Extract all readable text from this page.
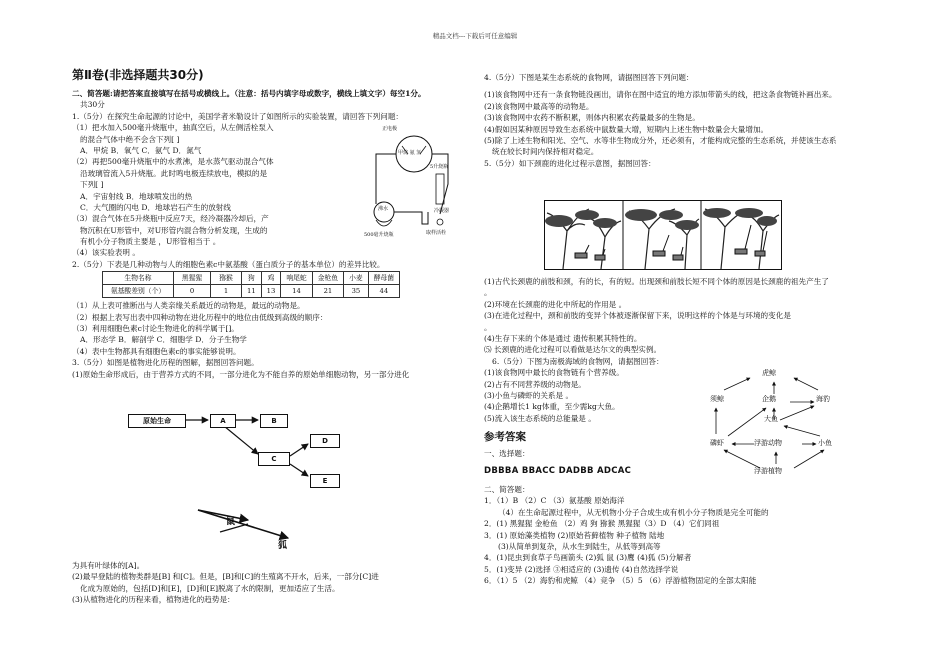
精品文档---下载后可任意编辑
第Ⅱ卷(非选择题共30分)
二、简答题:请把答案直接填写在括号或横线上。（注意：括号内填字母或数字，横线上填文字）每空1分。
共30分
1.（5分）在探究生命起源的讨论中，美国学者米勒设计了如图所示的实验装置，请回答下列问题：
（1）把水加入500毫升烧瓶中，抽真空后，从左侧活栓泵入
的混合气体中绝不会含下列[ ]
A．甲烷 B．氧气 C．氨气 D．氮气
（2）再把500毫升烧瓶中的水煮沸，是水蒸气驱动混合气体
沿玻璃管流入5升烧瓶。此时鸣电极连续放电，模拟的是
下列[ ]
A．宇宙射线 B．地球喷发出的热
C．大气圈的闪电 D．地球岩石产生的放射线
（3）混合气体在5升烧瓶中反应7天，经冷凝器冷却后，产
物沉积在U形管中，对U形管内混合物分析发现，生成的
有机小分子物质主要是 ，U形管相当于 。
（4）该实验表明 。
2.（5分）下表是几种动物与人的细胞色素c中氨基酸（蛋白质分子的基本单位）的差异比较。
生物名称	黑猩猩	猕猴	狗	鸡	响尾蛇	金枪鱼	小麦	酵母菌
氨基酸差别（个）	0	1	11	13	14	21	35	44
（1）从上表可推断出与人类亲缘关系最近的动物是，最远的动物是。
（2）根据上表写出表中四种动物在进化历程中的地位由低级到高级的顺序：
（3）利用细胞色素c讨论生物进化的科学属于[]。
A．形态学 B．解剖学 C．细胞学 D．分子生物学
（4）表中生物都具有细胞色素c的事实能够说明。
3.（5分）如图是植物进化历程的图解，据图回答问题。
(1)原始生命形成后，由于营养方式的不同，一部分进化为不能自养的原始单细胞动物，另一部分进化
正电极
甲烷 氨 氢
5升烧瓶
沸水
500毫升烧瓶
冷凝器
取样活栓
原始生命	A	B
C
D
E
鼠
狐
为具有叶绿体的[A]。
(2)最早登陆的植物类群是[B] 和[C]。但是，[B]和[C]的生殖离不开水，后来，一部分[C]进
化成为原始的，包括[D]和[E]，[D]和[E]脱离了水的限制，更加适应了生活。
(3)从植物进化的历程来看，植物进化的趋势是：
4.（5分）下图是某生态系统的食物网，请据图回答下列问题：
(1)该食物网中还有一条食物链没画出，请你在图中适宜的地方添加带箭头的线，把这条食物链补画出来。
(2)该食物网中最高等的动物是。
(3)该食物网中农药不断积累，则体内积累农药量最多的生物是。
(4)假如因某种原因导致生态系统中鼠数量大增，短期内上述生物中数量会大量增加。
(5)除了上述生物和阳光、空气、水等非生物成分外，还必须有，才能构成完整的生态系统，并使该生态系
统在较长时间内保持相对稳定。
5.（5分）如下颈鹿的进化过程示意图，据图回答：
(1)古代长颈鹿的前肢和颈，有的长，有的短。出现颈和前肢长短不同个体的原因是长颈鹿的祖先产生了
。
(2)环境在长颈鹿的进化中所起的作用是 。
(3)在进化过程中，颈和前肢的变异个体被逐渐保留下来，说明这样的个体是与环境的变化是
。
(4)生存下来的个体是通过 遗传积累其特性的。
⑸ 长颈鹿的进化过程可以看做是达尔文的典型实例。
6.（5分）下图为南极海域的食物网，请据图回答：
(1)该食物网中最长的食物链有个营养级。
(2)占有不同营养级的动物是。
(3)小鱼与磷虾的关系是 。
(4)企鹅增长1 kg体重，至少需kg大鱼。
(5)流入该生态系统的总能量是 。
参考答案
一、选择题：
DBBBA BBACC DADBB ADCAC
二、简答题：
1．（1）B （2）C （3）氨基酸 原始海洋
（4）在生命起源过程中，从无机物小分子合成生成有机小分子物质是完全可能的
2．(1) 黑猩猩 金枪鱼 （2）鸡 狗 猕猴 黑猩猩（3）D （4）它们同祖
3．(1) 原始藻类植物 (2)原始苔藓植物 种子植物 陆地
(3)从简单到复杂，从水生到陆生，从低等到高等
4．(1)昆虫到食草子鸟画箭头 (2)狐 鼠 (3)鹰 (4)狐 (5)分解者
5．(1)变异 (2)选择 ③相适应的 (3)遗传 (4)自然选择学说
6．（1）5 （2）海豹和虎鲸 （4）竞争 （5）5 （6）浮游植物固定的全部太阳能
虎鲸
须鲸	企鹅	海豹
大鱼
磷虾	浮游动物	小鱼
浮游植物
